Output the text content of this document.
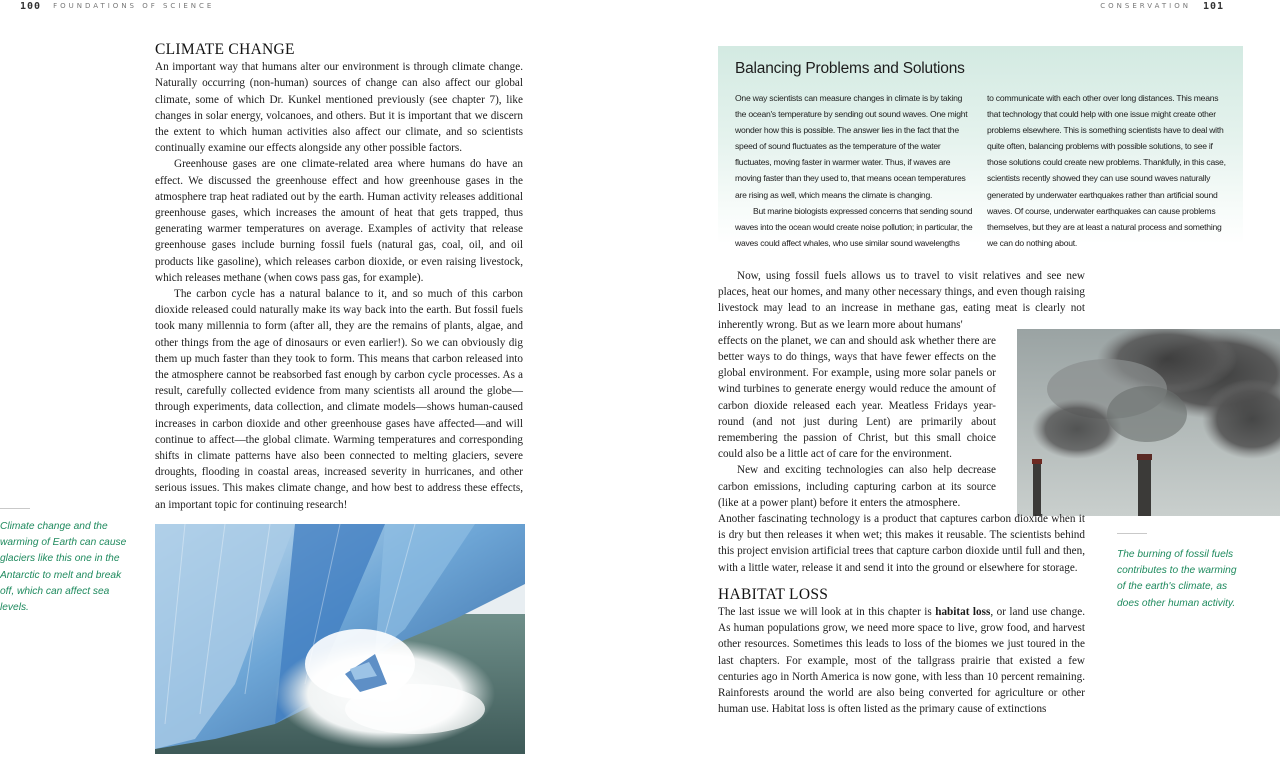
100 FOUNDATIONS OF SCIENCE	CONSERVATION 101
CLIMATE CHANGE

An important way that humans alter our environment is through climate change. Naturally occurring (non-human) sources of change can also affect our global climate, some of which Dr. Kunkel mentioned previously (see chapter 7), like changes in solar energy, volcanoes, and others. But it is important that we discern the extent to which human activities also affect our climate, and so scientists continually examine our effects alongside any other possible factors.

Greenhouse gases are one climate-related area where humans do have an effect. We discussed the greenhouse effect and how greenhouse gases in the atmosphere trap heat radiated out by the earth. Human activity releases additional greenhouse gases, which increases the amount of heat that gets trapped, thus generating warmer temperatures on average. Examples of activity that release greenhouse gases include burning fossil fuels (natural gas, coal, oil, and oil products like gasoline), which releases carbon dioxide, or even raising livestock, which releases methane (when cows pass gas, for example).

The carbon cycle has a natural balance to it, and so much of this carbon dioxide released could naturally make its way back into the earth. But fossil fuels took many millennia to form (after all, they are the remains of plants, algae, and other things from the age of dinosaurs or even earlier!). So we can obviously dig them up much faster than they took to form. This means that carbon released into the atmosphere cannot be reabsorbed fast enough by carbon cycle processes. As a result, carefully collected evidence from many scientists all around the globe—through experiments, data collection, and climate models—shows human-caused increases in carbon dioxide and other greenhouse gases have affected—and will continue to affect—the global climate. Warming temperatures and corresponding shifts in climate patterns have also been connected to melting glaciers, severe droughts, flooding in coastal areas, increased severity in hurricanes, and other serious issues. This makes climate change, and how best to address these effects, an important topic for continuing research!

Climate change and the warming of Earth can cause glaciers like this one in the Antarctic to melt and break off, which can affect sea levels.
Balancing Problems and Solutions

One way scientists can measure changes in climate is by taking the ocean's temperature by sending out sound waves. One might wonder how this is possible. The answer lies in the fact that the speed of sound fluctuates as the temperature of the water fluctuates, moving faster in warmer water. Thus, if waves are moving faster than they used to, that means ocean temperatures are rising as well, which means the climate is changing.

But marine biologists expressed concerns that sending sound waves into the ocean would create noise pollution; in particular, the waves could affect whales, who use similar sound wavelengths

to communicate with each other over long distances. This means that technology that could help with one issue might create other problems elsewhere. This is something scientists have to deal with quite often, balancing problems with possible solutions, to see if those solutions could create new problems. Thankfully, in this case, scientists recently showed they can use sound waves naturally generated by underwater earthquakes rather than artificial sound waves. Of course, underwater earthquakes can cause problems themselves, but they are at least a natural process and something we can do nothing about.

The burning of fossil fuels contributes to the warming of the earth's climate, as does other human activity.

Now, using fossil fuels allows us to travel to visit relatives and see new places, heat our homes, and many other necessary things, and even though raising livestock may lead to an increase in methane gas, eating meat is clearly not inherently wrong. But as we learn more about humans'

effects on the planet, we can and should ask whether there are better ways to do things, ways that have fewer effects on the global environment. For example, using more solar panels or wind turbines to generate energy would reduce the amount of carbon dioxide released each year. Meatless Fridays year-round (and not just during Lent) are primarily about remembering the passion of Christ, but this small choice could also be a little act of care for the environment.

New and exciting technologies can also help decrease carbon emissions, including capturing carbon at its source (like at a power plant) before it enters the atmosphere.

Another fascinating technology is a product that captures carbon dioxide when it is dry but then releases it when wet; this makes it reusable. The scientists behind this project envision artificial trees that capture carbon dioxide until full and then, with a little water, release it and send it into the ground or elsewhere for storage.

HABITAT LOSS

The last issue we will look at in this chapter is habitat loss, or land use change. As human populations grow, we need more space to live, grow food, and harvest other resources. Sometimes this leads to loss of the biomes we just toured in the last chapters. For example, most of the tallgrass prairie that existed a few centuries ago in North America is now gone, with less than 10 percent remaining. Rainforests around the world are also being converted for agriculture or other human use. Habitat loss is often listed as the primary cause of extinctions
